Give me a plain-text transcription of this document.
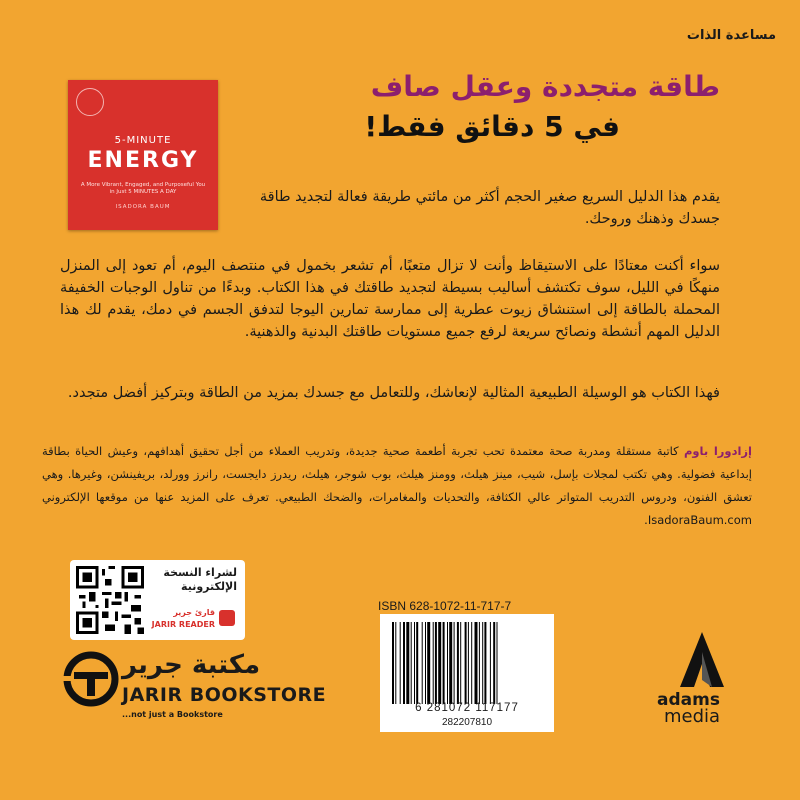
مساعدة الذات
5-MINUTE
ENERGY
A More Vibrant, Engaged, and Purposeful You in Just 5 MINUTES A DAY
ISADORA BAUM
طاقة متجددة وعقل صاف
في 5 دقائق فقط!
يقدم هذا الدليل السريع صغير الحجم أكثر من مائتي طريقة فعالة لتجديد طاقة جسدك وذهنك وروحك.
سواء أكنت معتادًا على الاستيقاظ وأنت لا تزال متعبًا، أم تشعر بخمول في منتصف اليوم، أم تعود إلى المنزل منهكًا في الليل، سوف تكتشف أساليب بسيطة لتجديد طاقتك في هذا الكتاب. وبدءًا من تناول الوجبات الخفيفة المحملة بالطاقة إلى استنشاق زيوت عطرية إلى ممارسة تمارين اليوجا لتدفق الجسم في دمك، يقدم لك هذا الدليل المهم أنشطة ونصائح سريعة لرفع جميع مستويات طاقتك البدنية والذهنية.
فهذا الكتاب هو الوسيلة الطبيعية المثالية لإنعاشك، وللتعامل مع جسدك بمزيد من الطاقة وبتركيز أفضل متجدد.
إزادورا باوم كاتبة مستقلة ومدربة صحة معتمدة تحب تجربة أطعمة صحية جديدة، وتدريب العملاء من أجل تحقيق أهدافهم، وعيش الحياة بطاقة إبداعية فضولية. وهي تكتب لمجلات بإسل، شيب، مينز هيلث، وومنز هيلث، بوب شوجر، هيلث، ريدرز دايجست، رانرز وورلد، بريفينشن، وغيرها. وهي تعشق الفنون، ودروس التدريب المتواتر عالي الكثافة، والتحديات والمغامرات، والضحك الطبيعي. تعرف على المزيد عنها من موقعها الإلكتروني IsadoraBaum.com.
لشراء النسخة الإلكترونية
قارئ جرير
JARIR READER
مكتبة جرير
JARIR BOOKSTORE
...not just a Bookstore
ISBN 628-1072-11-717-7
6 281072 117177
282207810
adams
media
